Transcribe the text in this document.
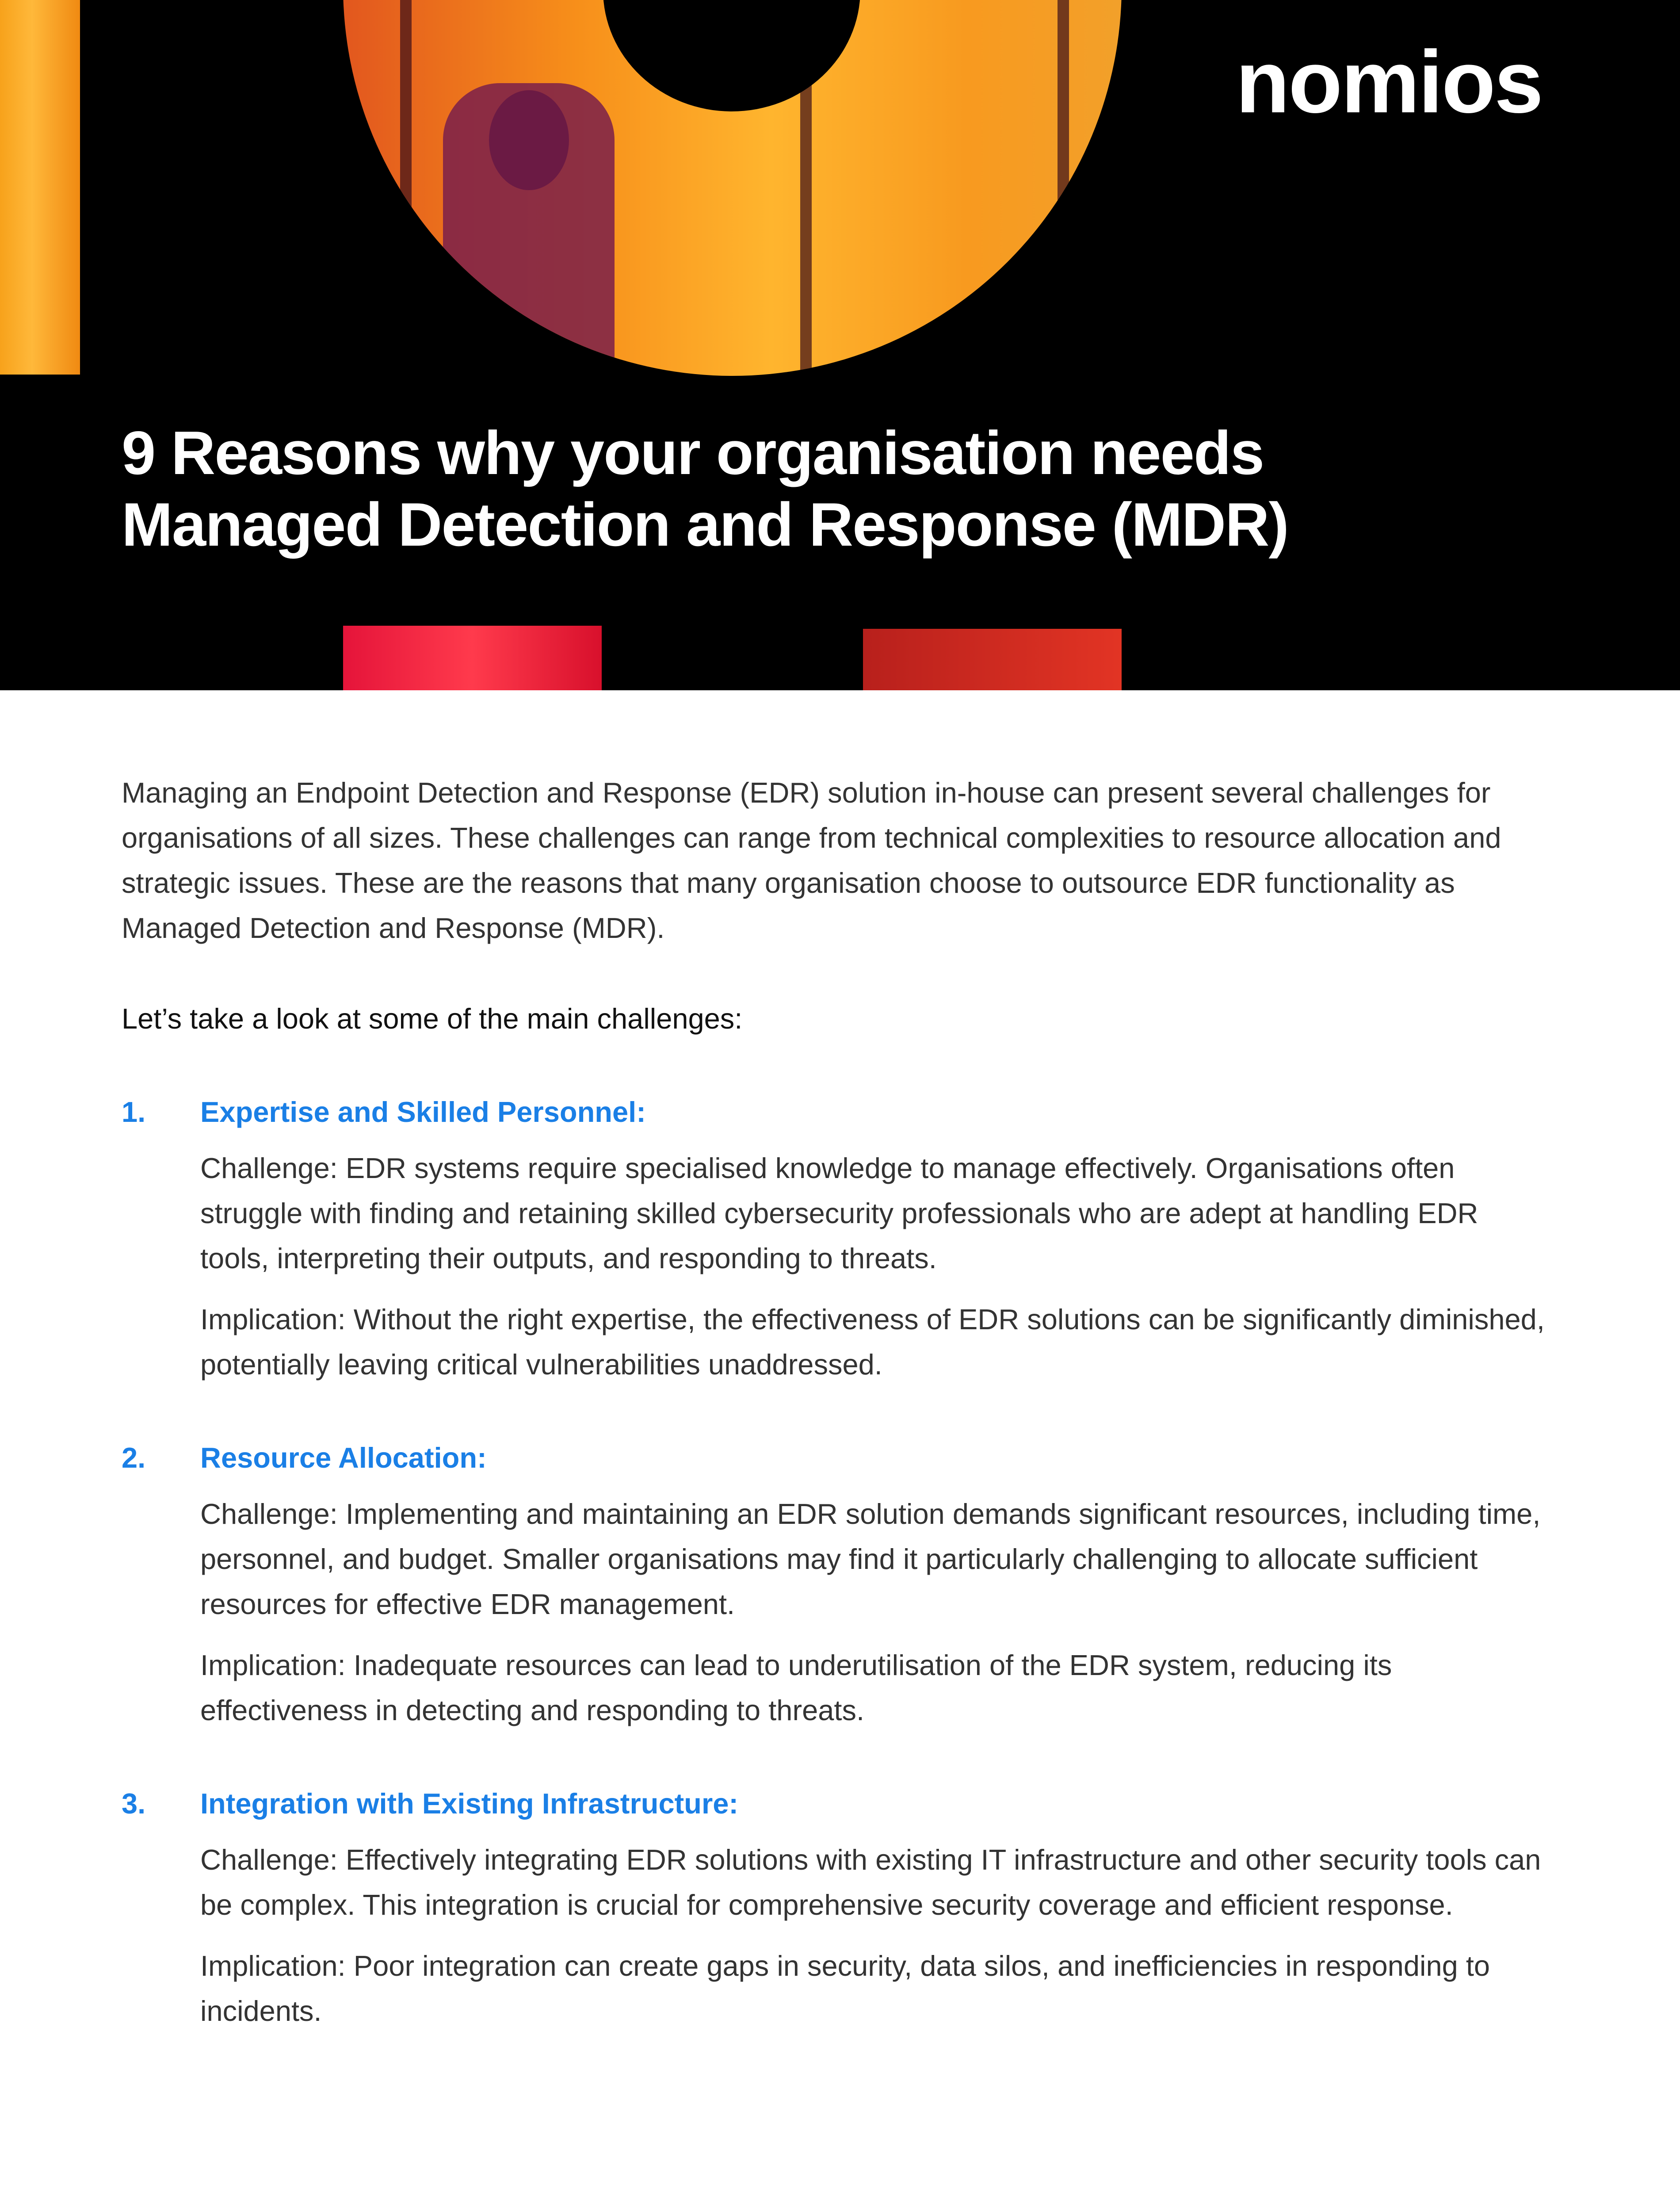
nomios
9 Reasons why your organisation needs
Managed Detection and Response (MDR)

Managing an Endpoint Detection and Response (EDR) solution in-house can present several challenges for organisations of all sizes. These challenges can range from technical complexities to resource allocation and strategic issues. These are the reasons that many organisation choose to outsource EDR functionality as Managed Detection and Response (MDR).

Let’s take a look at some of the main challenges:

1.	Expertise and Skilled Personnel:

Challenge: EDR systems require specialised knowledge to manage effectively. Organisations often struggle with finding and retaining skilled cybersecurity professionals who are adept at handling EDR tools, interpreting their outputs, and responding to threats.

Implication: Without the right expertise, the effectiveness of EDR solutions can be significantly diminished, potentially leaving critical vulnerabilities unaddressed.

2.	Resource Allocation:

Challenge: Implementing and maintaining an EDR solution demands significant resources, including time, personnel, and budget. Smaller organisations may find it particularly challenging to allocate sufficient resources for effective EDR management.

Implication: Inadequate resources can lead to underutilisation of the EDR system, reducing its effectiveness in detecting and responding to threats.

3.	Integration with Existing Infrastructure:

Challenge: Effectively integrating EDR solutions with existing IT infrastructure and other security tools can be complex. This integration is crucial for comprehensive security coverage and efficient response.

Implication: Poor integration can create gaps in security, data silos, and inefficiencies in responding to incidents.
